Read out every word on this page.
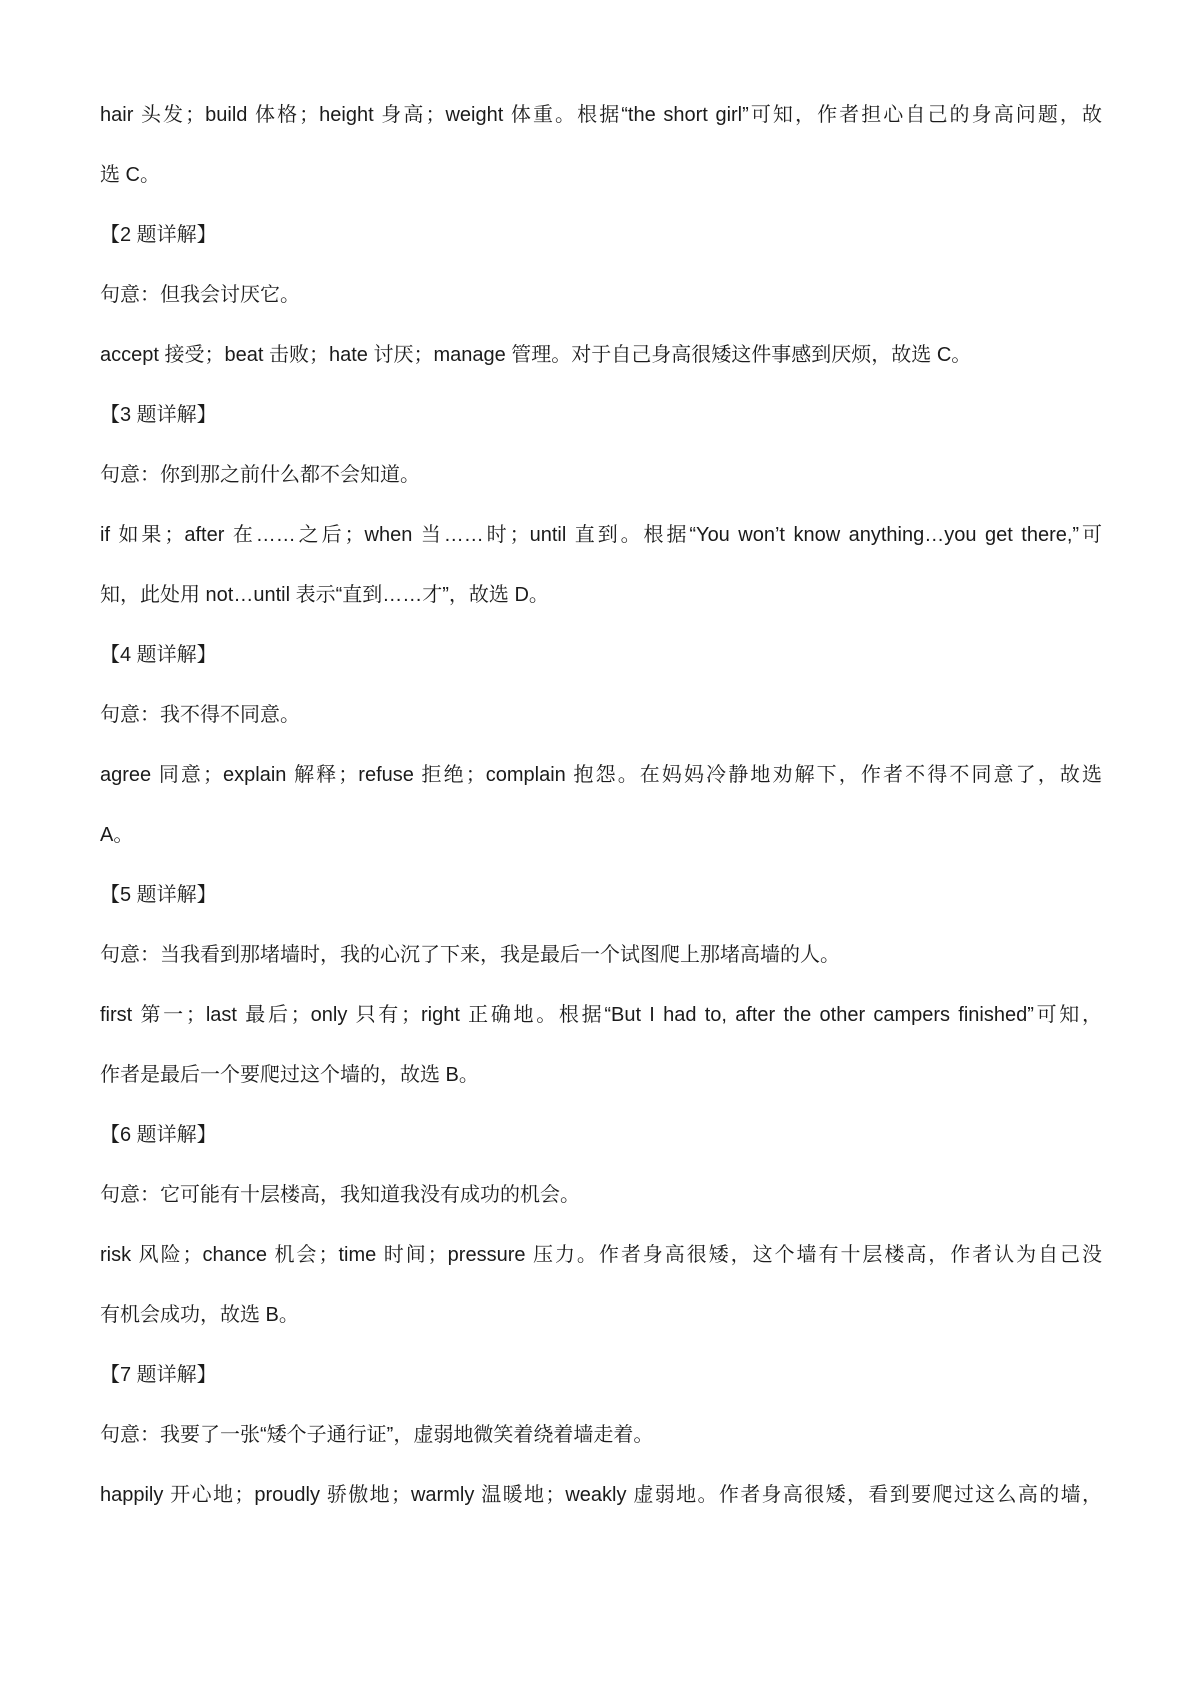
hair 头发；build 体格；height 身高；weight 体重。根据“the short girl”可知，作者担心自己的身高问题，故
选 C。
【2 题详解】
句意：但我会讨厌它。
accept 接受；beat 击败；hate 讨厌；manage 管理。对于自己身高很矮这件事感到厌烦，故选 C。
【3 题详解】
句意：你到那之前什么都不会知道。
if 如果；after 在……之后；when 当……时；until 直到。根据“You won’t know anything…you get there,”可
知，此处用 not…until 表示“直到……才”，故选 D。
【4 题详解】
句意：我不得不同意。
agree 同意；explain 解释；refuse 拒绝；complain 抱怨。在妈妈冷静地劝解下，作者不得不同意了，故选
A。
【5 题详解】
句意：当我看到那堵墙时，我的心沉了下来，我是最后一个试图爬上那堵高墙的人。
first 第一；last 最后；only 只有；right 正确地。根据“But I had to, after the other campers finished”可知，
作者是最后一个要爬过这个墙的，故选 B。
【6 题详解】
句意：它可能有十层楼高，我知道我没有成功的机会。
risk 风险；chance 机会；time 时间；pressure 压力。作者身高很矮，这个墙有十层楼高，作者认为自己没
有机会成功，故选 B。
【7 题详解】
句意：我要了一张“矮个子通行证”，虚弱地微笑着绕着墙走着。
happily 开心地；proudly 骄傲地；warmly 温暖地；weakly 虚弱地。作者身高很矮，看到要爬过这么高的墙，
